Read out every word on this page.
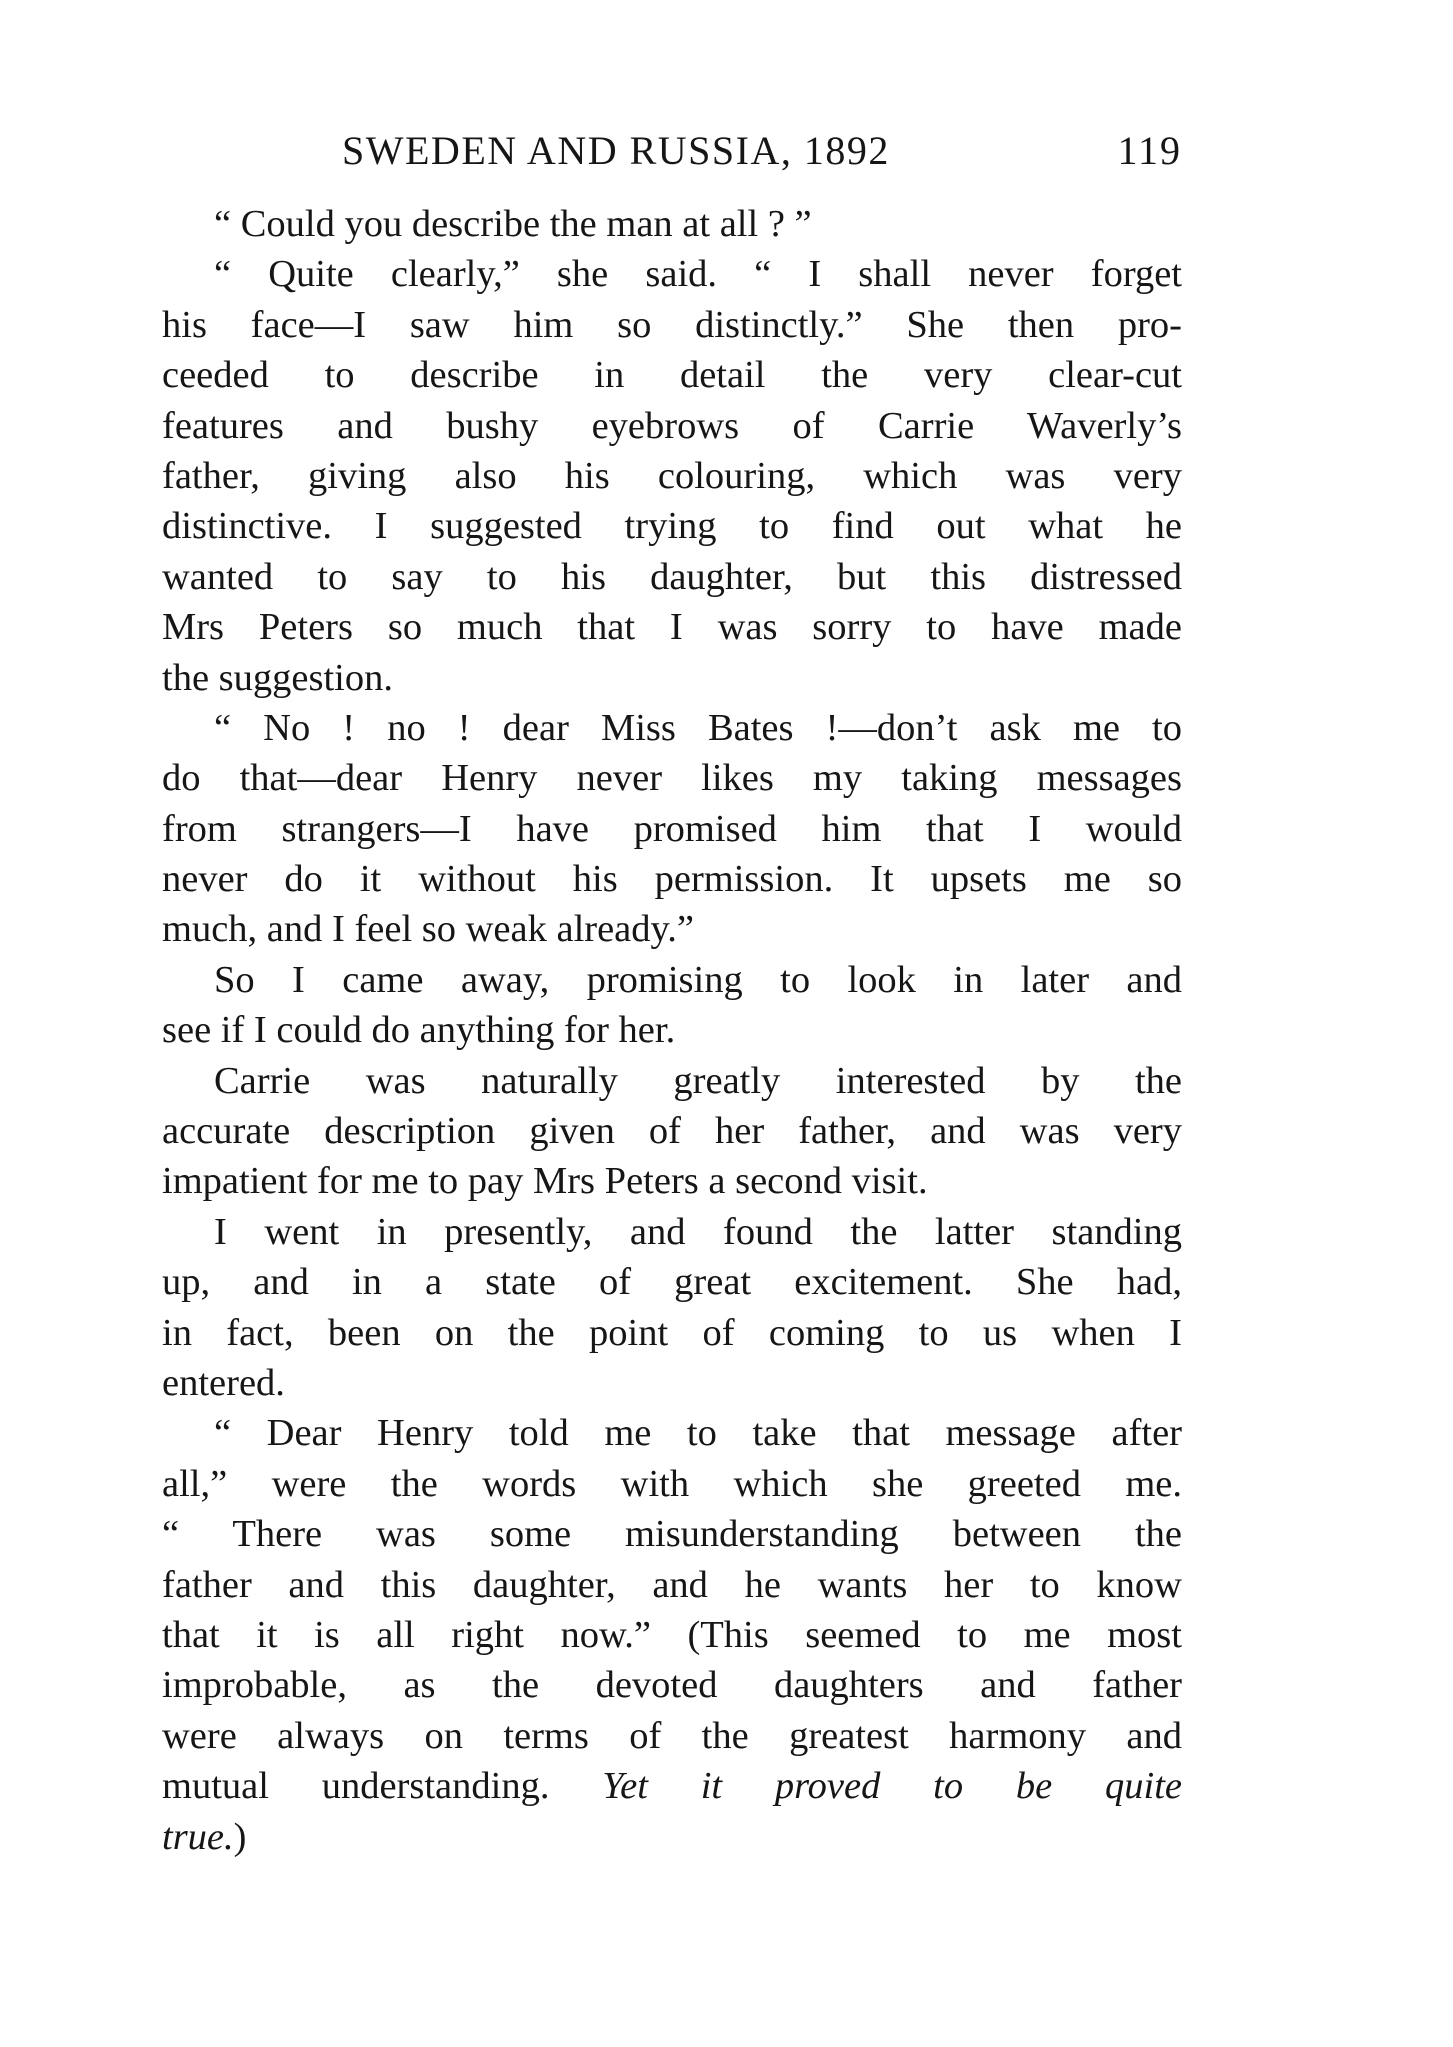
SWEDEN AND RUSSIA, 1892	119
“ Could you describe the man at all ? ”
“ Quite clearly,” she said. “ I shall never forget
his face—I saw him so distinctly.” She then pro-
ceeded to describe in detail the very clear-cut
features and bushy eyebrows of Carrie Waverly’s
father, giving also his colouring, which was very
distinctive. I suggested trying to find out what he
wanted to say to his daughter, but this distressed
Mrs Peters so much that I was sorry to have made
the suggestion.
“ No ! no ! dear Miss Bates !—don’t ask me to
do that—dear Henry never likes my taking messages
from strangers—I have promised him that I would
never do it without his permission. It upsets me so
much, and I feel so weak already.”
So I came away, promising to look in later and
see if I could do anything for her.
Carrie was naturally greatly interested by the
accurate description given of her father, and was very
impatient for me to pay Mrs Peters a second visit.
I went in presently, and found the latter standing
up, and in a state of great excitement. She had,
in fact, been on the point of coming to us when I
entered.
“ Dear Henry told me to take that message after
all,” were the words with which she greeted me.
“ There was some misunderstanding between the
father and this daughter, and he wants her to know
that it is all right now.” (This seemed to me most
improbable, as the devoted daughters and father
were always on terms of the greatest harmony and
mutual understanding. Yet it proved to be quite
true.)
